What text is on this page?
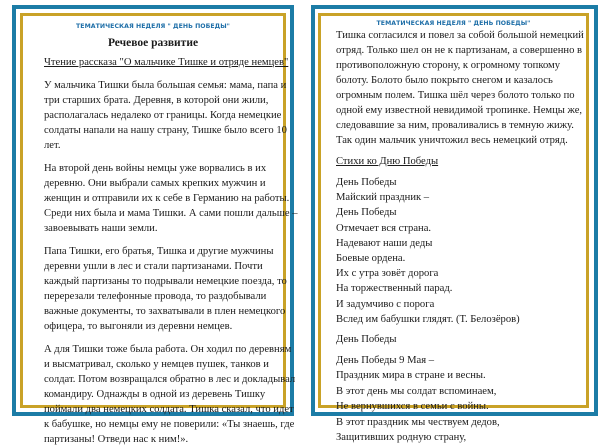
ТЕМАТИЧЕСКАЯ НЕДЕЛЯ " ДЕНЬ ПОБЕДЫ"
Речевое развитие
Чтение рассказа "О мальчике Тишке и отряде немцев"

У мальчика Тишки была большая семья: мама, папа и
три старших брата. Деревня, в которой они жили,
располагалась недалеко от границы. Когда немецкие
солдаты напали на нашу страну, Тишке было всего 10
лет.

На второй день войны немцы уже ворвались в их
деревню. Они выбрали самых крепких мужчин и
женщин и отправили их к себе в Германию на работы.
Среди них была и мама Тишки. А сами пошли дальше –
завоевывать наши земли.

Папа Тишки, его братья, Тишка и другие мужчины
деревни ушли в лес и стали партизанами. Почти
каждый партизаны то подрывали немецкие поезда, то
перерезали телефонные провода, то раздобывали
важные документы, то захватывали в плен немецкого
офицера, то выгоняли из деревни немцев.

А для Тишки тоже была работа. Он ходил по деревням
и высматривал, сколько у немцев пушек, танков и
солдат. Потом возвращался обратно в лес и докладывал
командиру. Однажды в одной из деревень Тишку
поймали два немецких солдата. Тишка сказал, что идет
к бабушке, но немцы ему не поверили: «Ты знаешь, где
партизаны! Отведи нас к ним!».

ТЕМАТИЧЕСКАЯ НЕДЕЛЯ " ДЕНЬ ПОБЕДЫ"

Тишка согласился и повел за собой большой немецкий
отряд. Только шел он не к партизанам, а совершенно в
противоположную сторону, к огромному топкому
болоту. Болото было покрыто снегом и казалось
огромным полем. Тишка шёл через болото только по
одной ему известной невидимой тропинке. Немцы же,
следовавшие за ним, проваливались в темную жижу.
Так один мальчик уничтожил весь немецкий отряд.

Стихи ко Дню Победы
День Победы
Майский праздник –
День Победы
Отмечает вся страна.
Надевают наши деды
Боевые ордена.
Их с утра зовёт дорога
На торжественный парад.
И задумчиво с порога
Вслед им бабушки глядят. (Т. Белозёров)
День Победы
День Победы 9 Мая –
Праздник мира в стране и весны.
В этот день мы солдат вспоминаем,
Не вернувшихся в семьи с войны.
В этот праздник мы чествуем дедов,
Защитивших родную страну,
